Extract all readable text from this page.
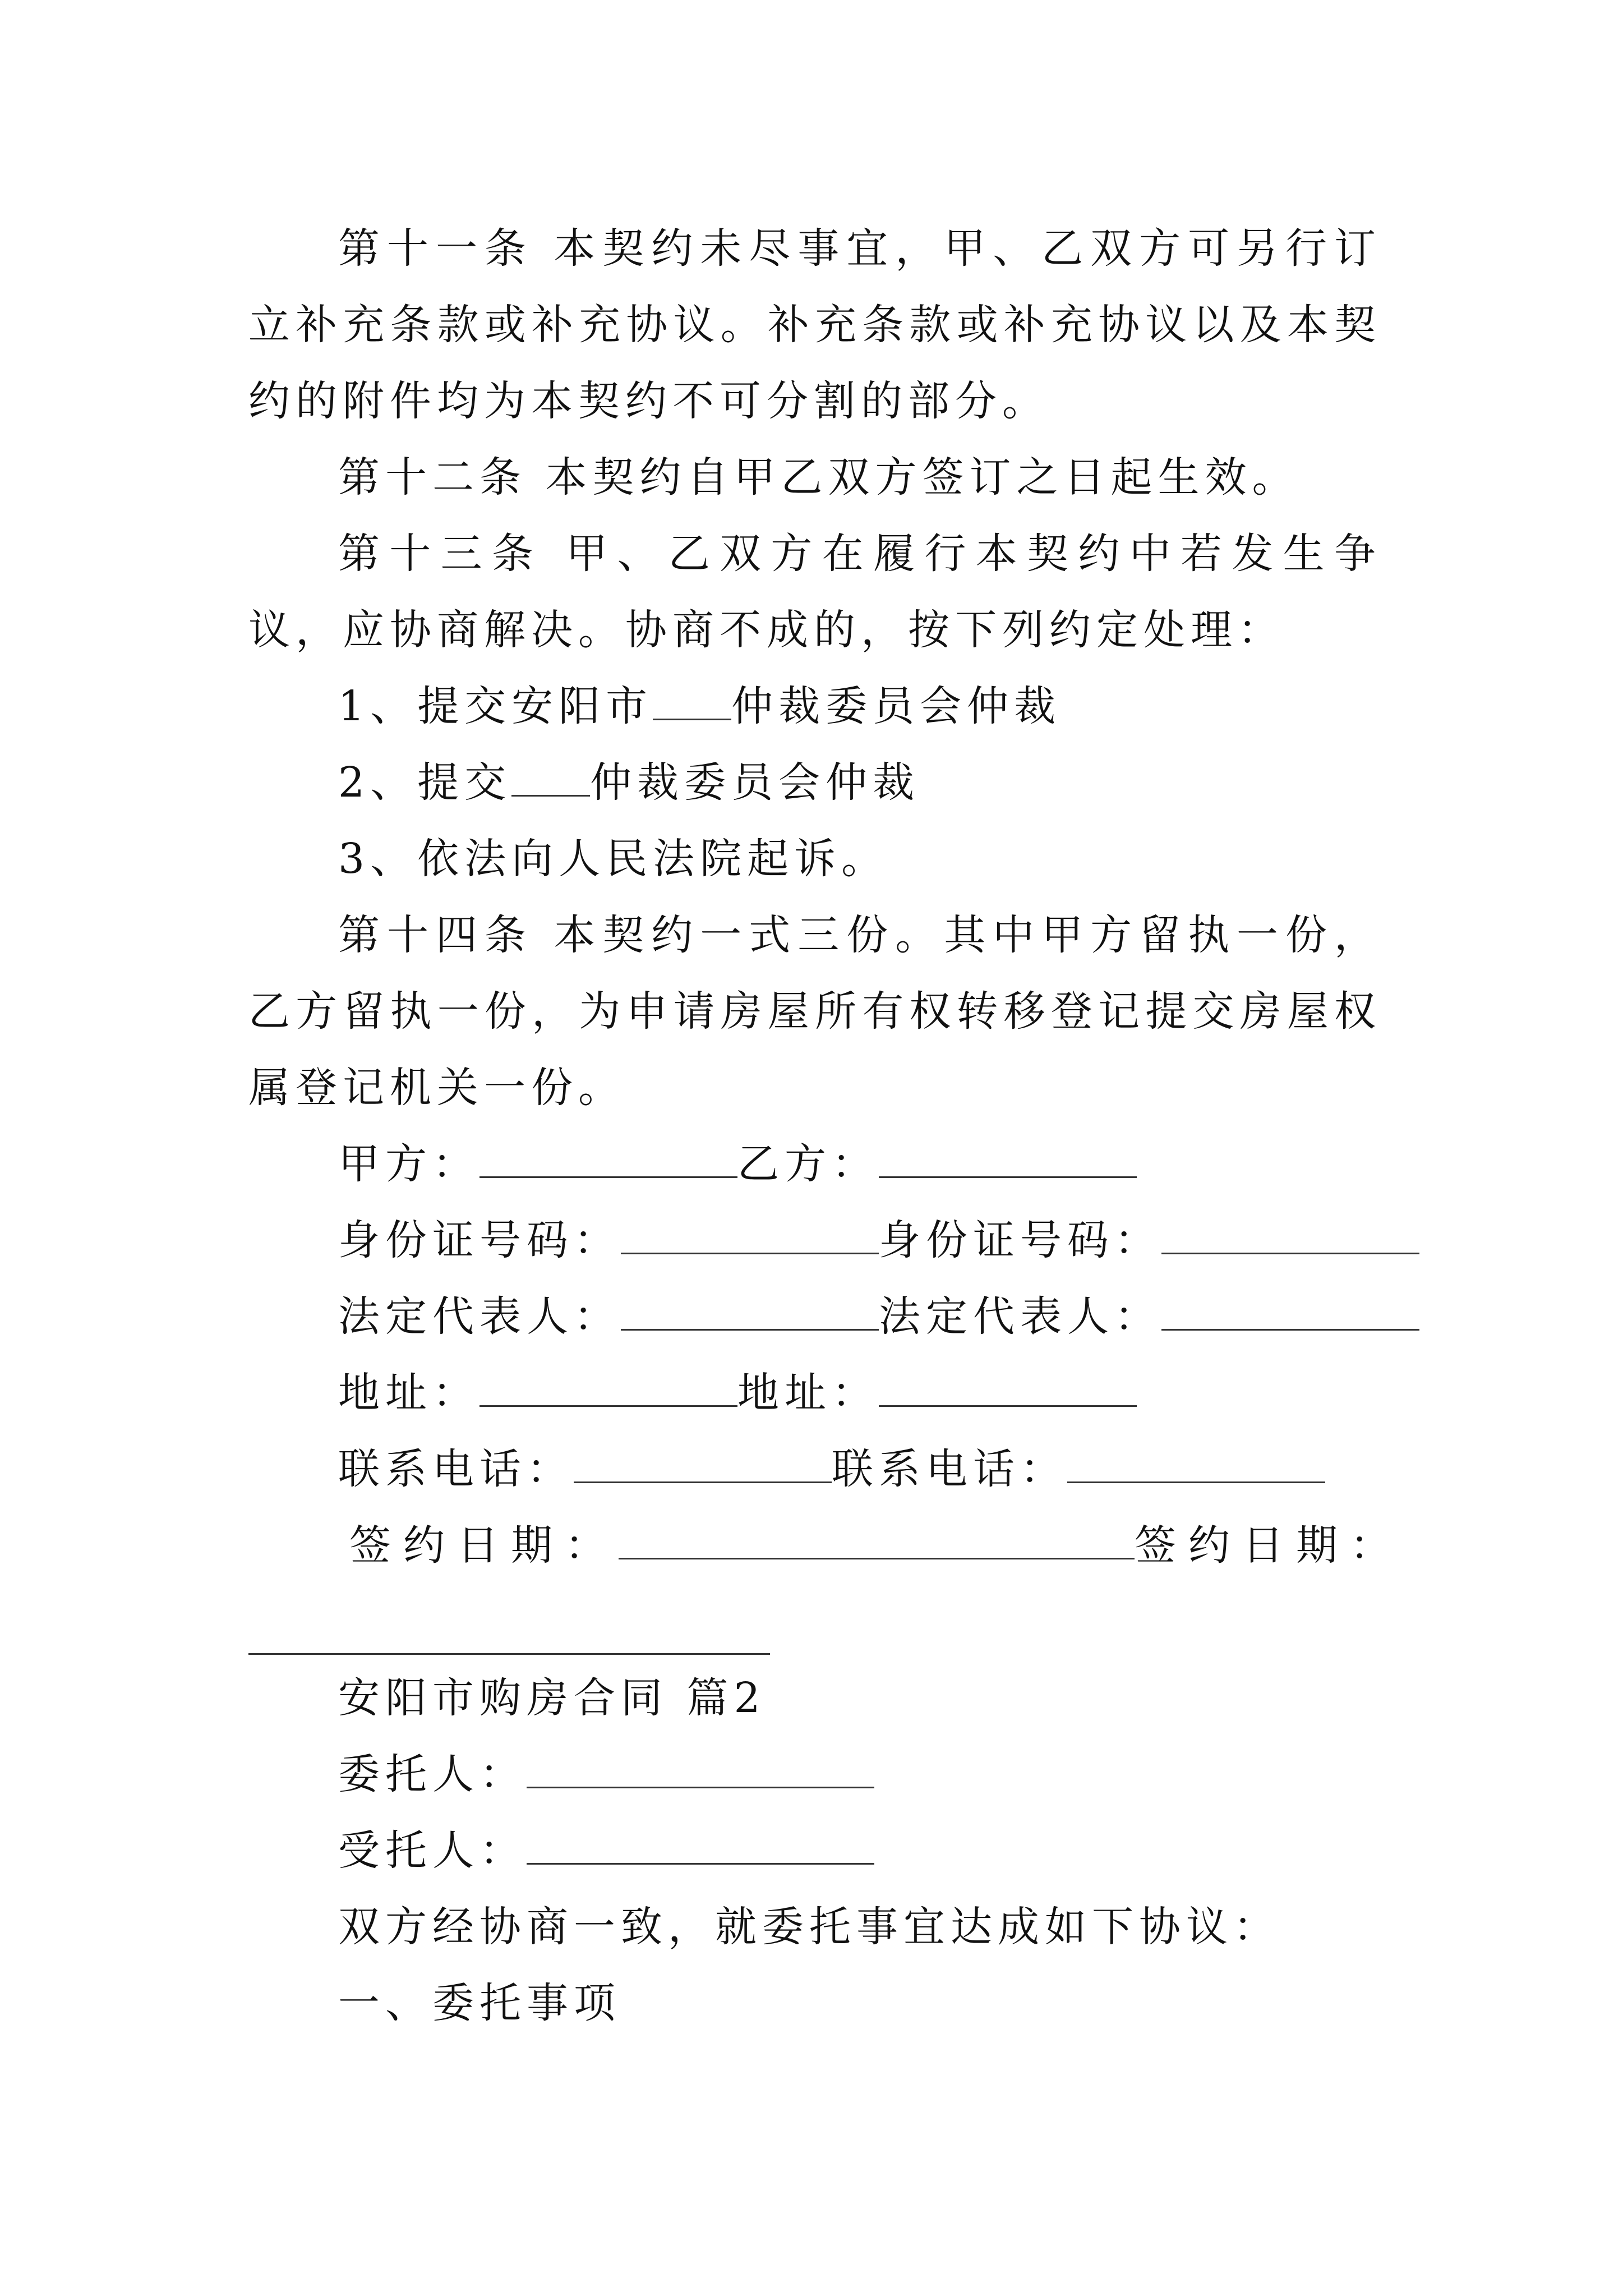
第十一条 本契约未尽事宜，甲、乙双方可另行订立补充条款或补充协议。补充条款或补充协议以及本契约的附件均为本契约不可分割的部分。

第十二条 本契约自甲乙双方签订之日起生效。

第十三条 甲、乙双方在履行本契约中若发生争议，应协商解决。协商不成的，按下列约定处理：

1、提交安阳市 仲裁委员会仲裁

2、提交 仲裁委员会仲裁

3、依法向人民法院起诉。

第十四条 本契约一式三份。其中甲方留执一份，乙方留执一份，为申请房屋所有权转移登记提交房屋权属登记机关一份。

甲方：	乙方：

身份证号码：	身份证号码：

法定代表人：	法定代表人：

地址：	地址：

联系电话：	联系电话：

签约日期：	签约日期：

安阳市购房合同 篇2

委托人：

受托人：

双方经协商一致，就委托事宜达成如下协议：

一、委托事项
